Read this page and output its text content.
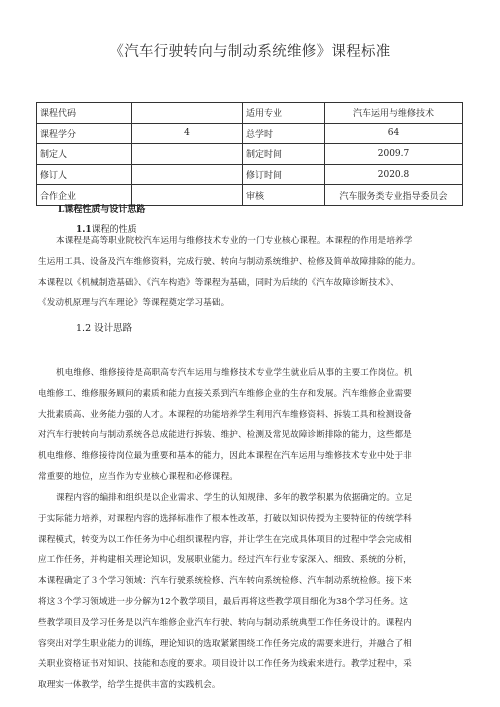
《汽车行驶转向与制动系统维修》课程标准
课程代码		适用专业	汽车运用与维修技术
课程学分	4	总学时	64
制定人		制定时间	2009.7
修订人		修订时间	2020.8
合作企业		审核	汽车服务类专业指导委员会
L课程性质与设计思路
1.1课程的性质
本课程是高等职业院校汽车运用与维修技术专业的一门专业核心课程。本课程的作用是培养学
生运用工具、设备及汽车维修资料，完成行驶、转向与制动系统维护、检修及简单故障排除的能力。
本课程以《机械制造基础》、《汽车构造》等课程为基础，同时为后续的《汽车故障诊断技术》、
《发动机原理与汽车理论》等课程奠定学习基础。
1.2 设计思路
机电维修、维修接待是高职高专汽车运用与维修技术专业学生就业后从事的主要工作岗位。机
电维修工、维修服务顾问的素质和能力直接关系到汽车维修企业的生存和发展。汽车维修企业需要
大批素质高、业务能力强的人才。本课程的功能培养学生利用汽车维修资料、拆装工具和检测设备
对汽车行驶转向与制动系统各总成能进行拆装、维护、检测及常见故障诊断排除的能力，这些都是
机电维修、维修接待岗位最为重要和基本的能力，因此本课程在汽车运用与维修技术专业中处于非
常重要的地位，应当作为专业核心课程和必修课程。
课程内容的编排和组织是以企业需求、学生的认知规律、多年的教学积累为依据确定的。立足
于实际能力培养，对课程内容的选择标准作了根本性改革，打破以知识传授为主要特征的传统学科
课程模式，转变为以工作任务为中心组织课程内容，并让学生在完成具体项目的过程中学会完成相
应工作任务，并构建相关理论知识，发展职业能力。经过汽车行业专家深入、细致、系统的分析，
本课程确定了３个学习领域：汽车行驶系统检修、汽车转向系统检修、汽车制动系统检修。接下来
将这３个学习领域进一步分解为12个教学项目，最后再将这些教学项目细化为38个学习任务。这
些教学项目及学习任务是以汽车维修企业汽车行驶、转向与制动系统典型工作任务设计的。课程内
容突出对学生职业能力的训练，理论知识的选取紧紧围绕工作任务完成的需要来进行，并融合了相
关职业资格证书对知识、技能和态度的要求。项目设计以工作任务为线索来进行。教学过程中，采
取理实一体教学，给学生提供丰富的实践机会。
